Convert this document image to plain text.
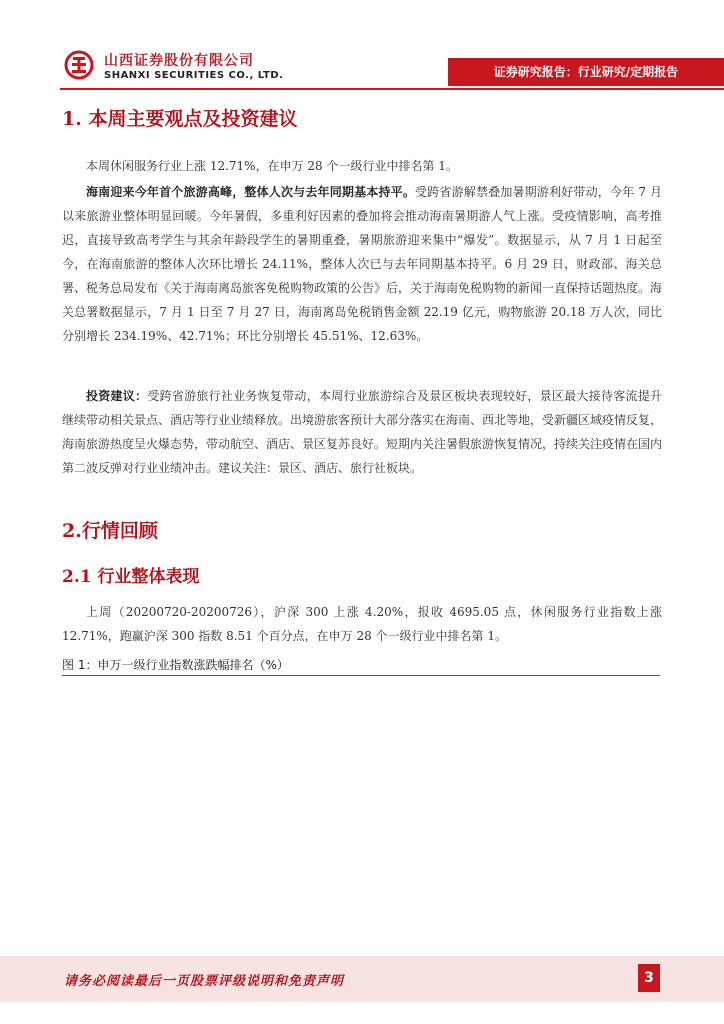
山西证券股份有限公司
SHANXI SECURITIES CO., LTD.	证券研究报告：行业研究/定期报告
1. 本周主要观点及投资建议

本周休闲服务行业上涨 12.71%，在申万 28 个一级行业中排名第 1。

海南迎来今年首个旅游高峰，整体人次与去年同期基本持平。受跨省游解禁叠加暑期游利好带动，今年 7 月以来旅游业整体明显回暖。今年暑假，多重利好因素的叠加将会推动海南暑期游人气上涨。受疫情影响，高考推迟，直接导致高考学生与其余年龄段学生的暑期重叠，暑期旅游迎来集中“爆发”。数据显示，从 7 月 1 日起至今，在海南旅游的整体人次环比增长 24.11%，整体人次已与去年同期基本持平。6 月 29 日，财政部、海关总署、税务总局发布《关于海南离岛旅客免税购物政策的公告》后，关于海南免税购物的新闻一直保持话题热度。海关总署数据显示，7 月 1 日至 7 月 27 日，海南离岛免税销售金额 22.19 亿元，购物旅游 20.18 万人次，同比分别增长 234.19%、42.71%；环比分别增长 45.51%、12.63%。

投资建议：受跨省游旅行社业务恢复带动，本周行业旅游综合及景区板块表现较好，景区最大接待客流提升继续带动相关景点、酒店等行业业绩释放。出境游旅客预计大部分落实在海南、西北等地，受新疆区域疫情反复，海南旅游热度呈火爆态势，带动航空、酒店、景区复苏良好。短期内关注暑假旅游恢复情况，持续关注疫情在国内第二波反弹对行业业绩冲击。建议关注：景区、酒店、旅行社板块。

2.行情回顾
2.1 行业整体表现

上周（20200720-20200726），沪深 300 上涨 4.20%，报收 4695.05 点，休闲服务行业指数上涨 12.71%，跑赢沪深 300 指数 8.51 个百分点，在申万 28 个一级行业中排名第 1。

图 1：申万一级行业指数涨跌幅排名（%）
请务必阅读最后一页股票评级说明和免责声明	3
